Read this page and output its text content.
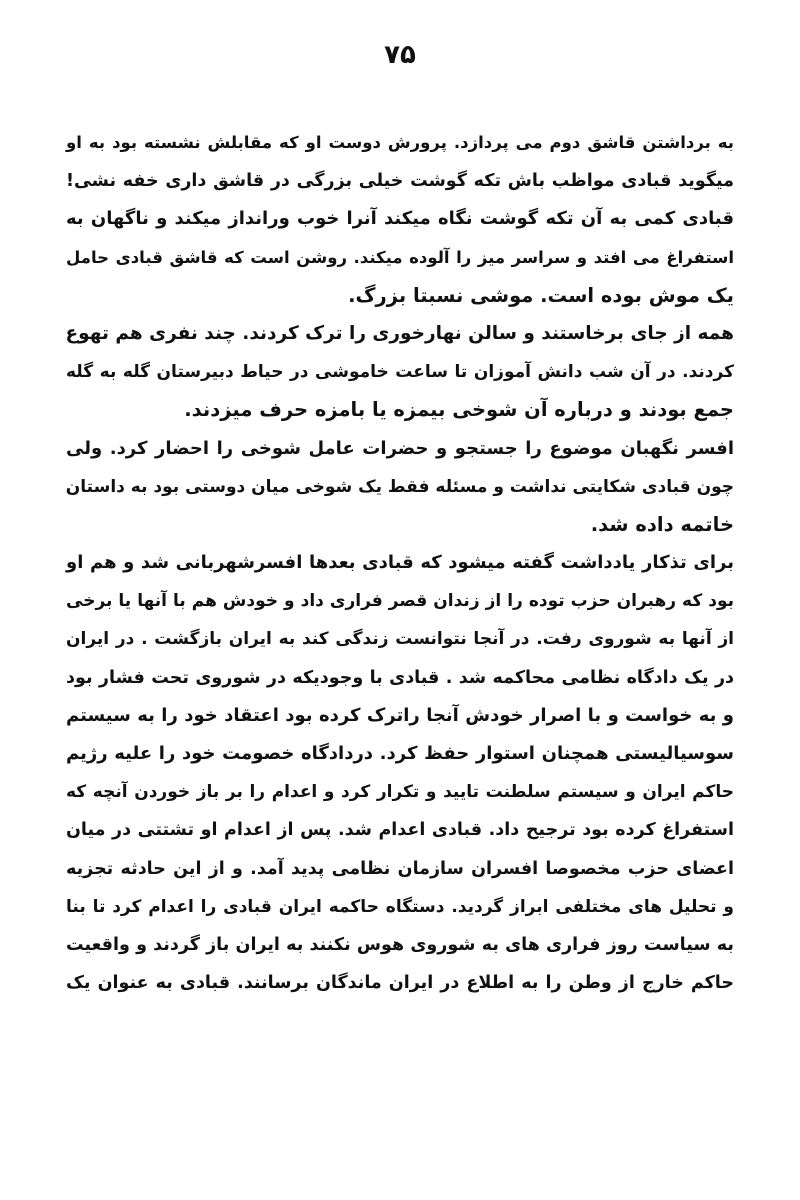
۷۵
به برداشتن قاشق دوم می پردازد. پرورش دوست او که مقابلش نشسته بود به او
میگوید قبادی مواظب باش تکه گوشت خیلی بزرگی در قاشق داری خفه نشی!
قبادی کمی به آن تکه گوشت نگاه میکند آنرا خوب ورانداز میکند و ناگهان به
استفراغ می افتد و سراسر میز را آلوده میکند. روشن است که قاشق قبادی حامل
یک موش بوده است. موشی نسبتا بزرگ.
همه از جای برخاستند و سالن نهارخوری را ترک کردند. چند نفری هم تهوع
کردند. در آن شب دانش آموزان تا ساعت خاموشی در حیاط دبیرستان گله به گله
جمع بودند و درباره آن شوخی بیمزه یا بامزه حرف میزدند.
افسر نگهبان موضوع را جستجو و حضرات عامل شوخی را احضار کرد. ولی
چون قبادی شکایتی نداشت و مسئله فقط یک شوخی میان دوستی بود به داستان
خاتمه داده شد.
برای تذکار یادداشت گفته میشود که قبادی بعدها افسرشهربانی شد و هم او
بود که رهبران حزب توده را از زندان قصر فراری داد و خودش هم با آنها یا برخی
از آنها به شوروی رفت. در آنجا نتوانست زندگی کند به ایران بازگشت . در ایران
در یک دادگاه نظامی محاکمه شد . قبادی با وجودیکه در شوروی تحت فشار بود
و به خواست و با اصرار خودش آنجا راترک کرده بود اعتقاد خود را به سیستم
سوسیالیستی همچنان استوار حفظ کرد. دردادگاه خصومت خود را علیه رژیم
حاکم ایران و سیستم سلطنت تایید و تکرار کرد و اعدام را بر باز خوردن آنچه که
استفراغ کرده بود ترجیح داد. قبادی اعدام شد. پس از اعدام او تشتتی در میان
اعضای حزب مخصوصا افسران سازمان نظامی پدید آمد. و از این حادثه تجزیه
و تحلیل های مختلفی ابراز گردید. دستگاه حاکمه ایران قبادی را اعدام کرد تا بنا
به سیاست روز فراری های به شوروی هوس نکنند به ایران باز گردند و واقعیت
حاکم خارج از وطن را به اطلاع در ایران ماندگان برسانند. قبادی به عنوان یک
